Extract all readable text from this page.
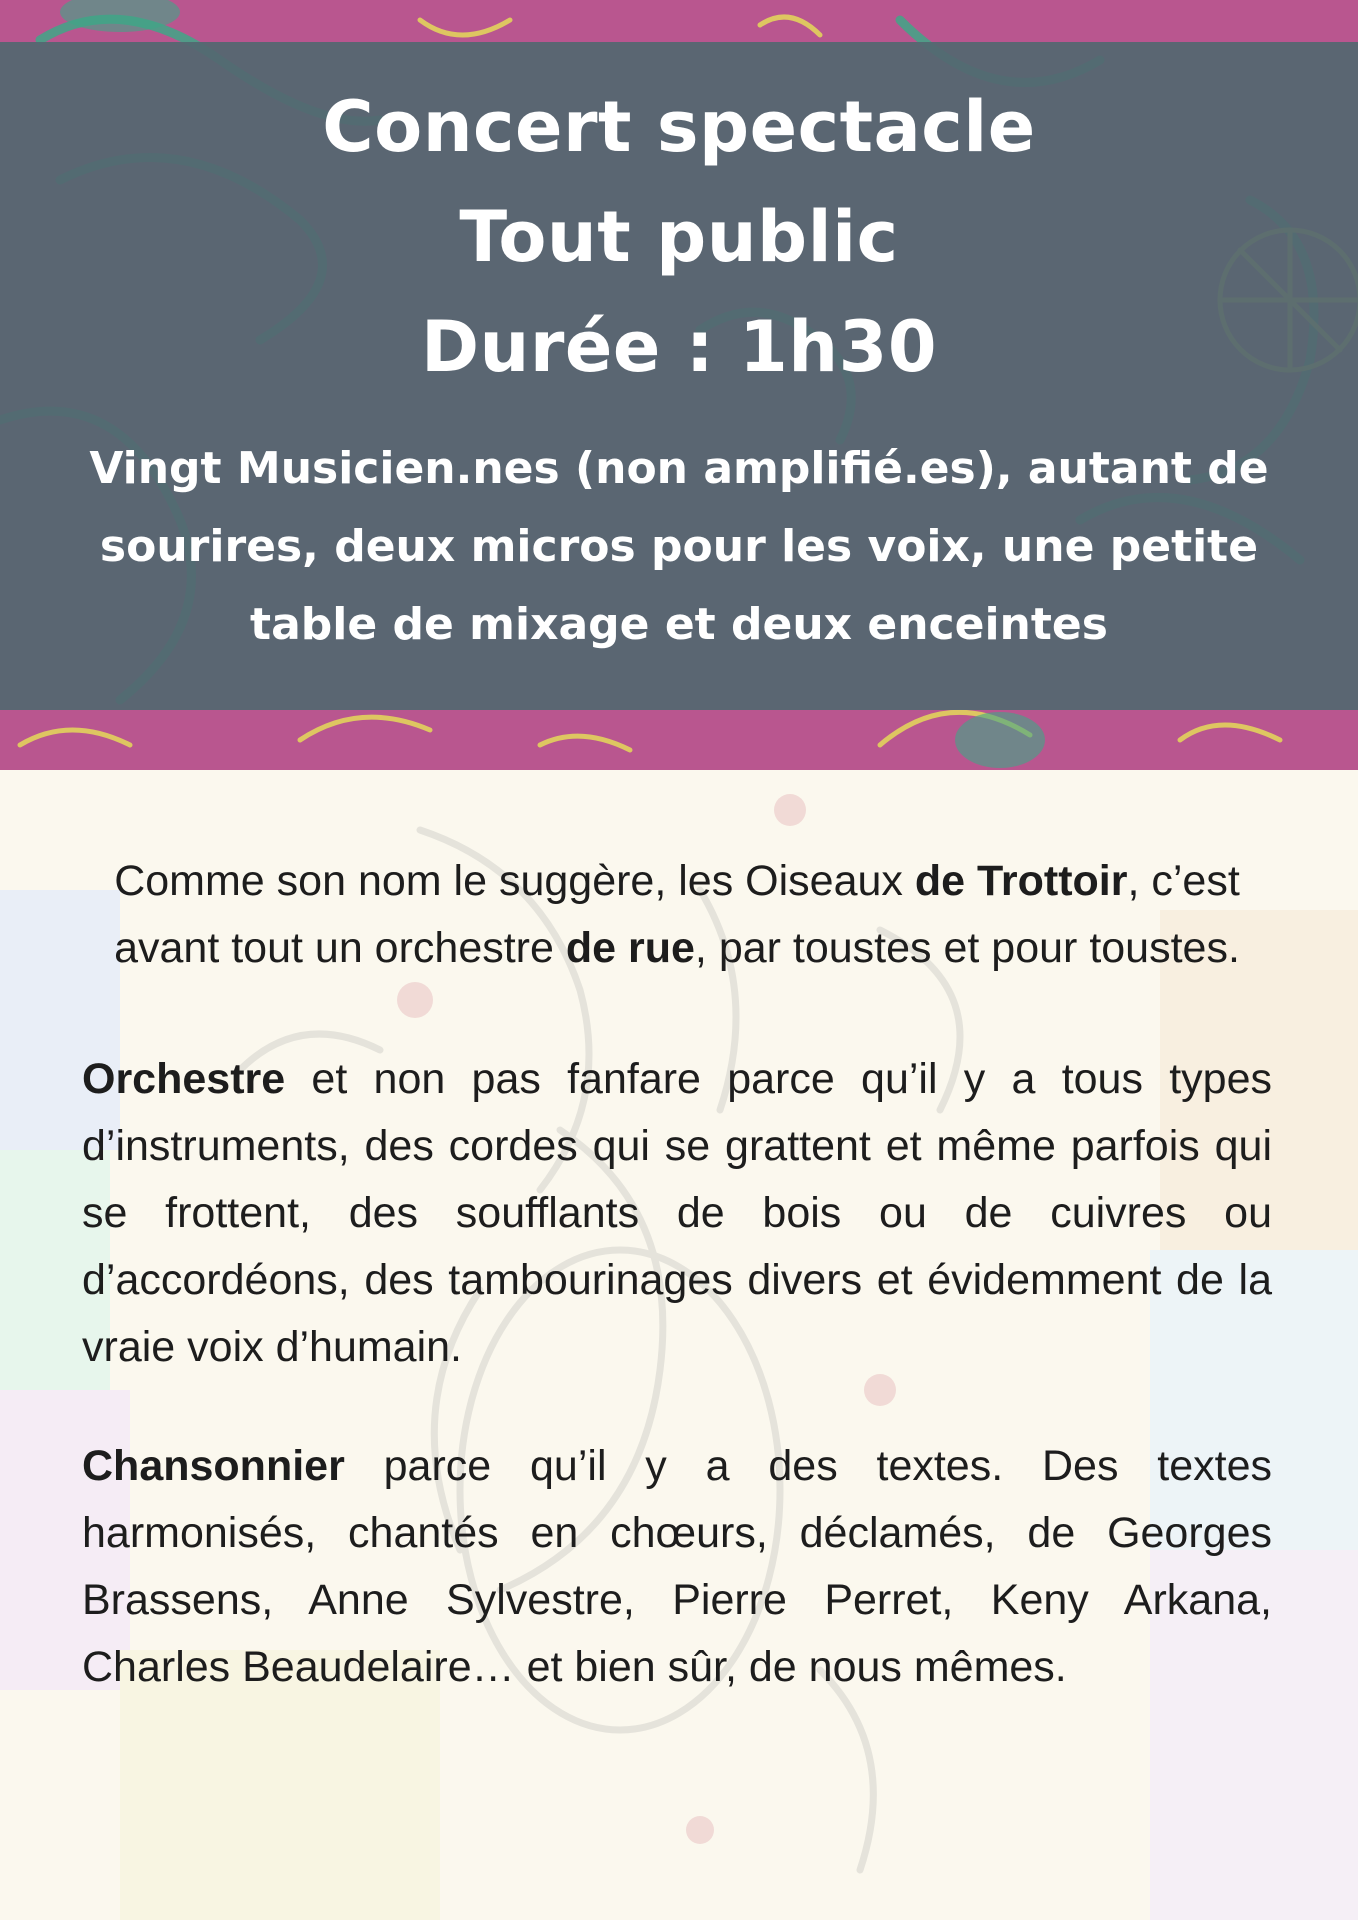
Concert spectacle
Tout public
Durée : 1h30
Vingt Musicien.nes (non amplifié.es), autant de sourires, deux micros pour les voix, une petite table de mixage et deux enceintes
Comme son nom le suggère, les Oiseaux de Trottoir, c’est avant tout un orchestre de rue, par toustes et pour toustes.
Orchestre et non pas fanfare parce qu’il y a tous types d’instruments, des cordes qui se grattent et même parfois qui se frottent, des soufflants de bois ou de cuivres ou d’accordéons, des tambourinages divers et évidemment de la vraie voix d’humain.
Chansonnier parce qu’il y a des textes. Des textes harmonisés, chantés en chœurs, déclamés, de Georges Brassens, Anne Sylvestre, Pierre Perret, Keny Arkana, Charles Beaudelaire… et bien sûr, de nous mêmes.
